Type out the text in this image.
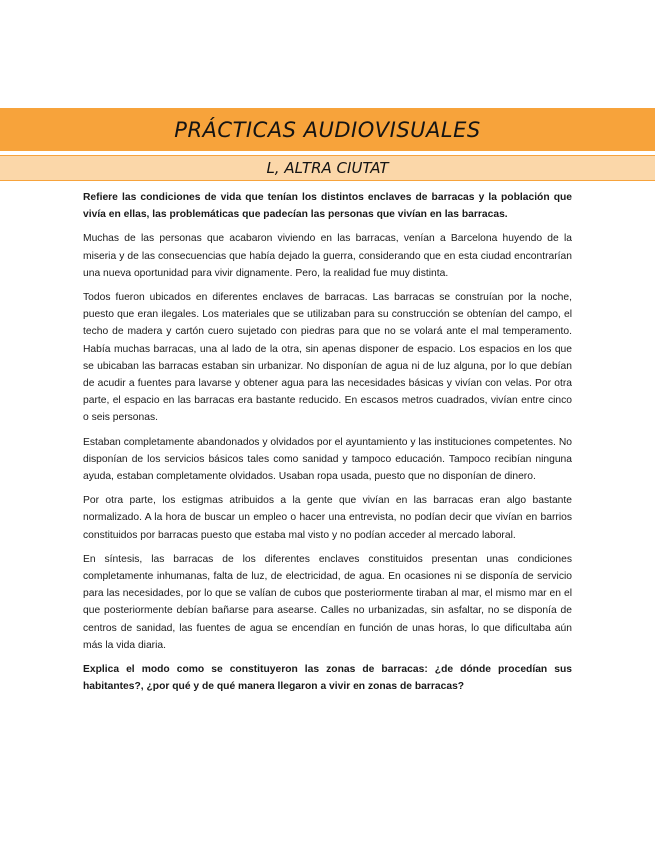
PRÁCTICAS AUDIOVISUALES
L, ALTRA CIUTAT

Refiere las condiciones de vida que tenían los distintos enclaves de barracas y la población que vivía en ellas, las problemáticas que padecían las personas que vivían en las barracas.

Muchas de las personas que acabaron viviendo en las barracas, venían a Barcelona huyendo de la miseria y de las consecuencias que había dejado la guerra, considerando que en esta ciudad encontrarían una nueva oportunidad para vivir dignamente. Pero, la realidad fue muy distinta.

Todos fueron ubicados en diferentes enclaves de barracas. Las barracas se construían por la noche, puesto que eran ilegales. Los materiales que se utilizaban para su construcción se obtenían del campo, el techo de madera y cartón cuero sujetado con piedras para que no se volará ante el mal temperamento. Había muchas barracas, una al lado de la otra, sin apenas disponer de espacio. Los espacios en los que se ubicaban las barracas estaban sin urbanizar. No disponían de agua ni de luz alguna, por lo que debían de acudir a fuentes para lavarse y obtener agua para las necesidades básicas y vivían con velas. Por otra parte, el espacio en las barracas era bastante reducido. En escasos metros cuadrados, vivían entre cinco o seis personas.

Estaban completamente abandonados y olvidados por el ayuntamiento y las instituciones competentes. No disponían de los servicios básicos tales como sanidad y tampoco educación. Tampoco recibían ninguna ayuda, estaban completamente olvidados. Usaban ropa usada, puesto que no disponían de dinero.

Por otra parte, los estigmas atribuidos a la gente que vivían en las barracas eran algo bastante normalizado. A la hora de buscar un empleo o hacer una entrevista, no podían decir que vivían en barrios constituidos por barracas puesto que estaba mal visto y no podían acceder al mercado laboral.

En síntesis, las barracas de los diferentes enclaves constituidos presentan unas condiciones completamente inhumanas, falta de luz, de electricidad, de agua. En ocasiones ni se disponía de servicio para las necesidades, por lo que se valían de cubos que posteriormente tiraban al mar, el mismo mar en el que posteriormente debían bañarse para asearse. Calles no urbanizadas, sin asfaltar, no se disponía de centros de sanidad, las fuentes de agua se encendían en función de unas horas, lo que dificultaba aún más la vida diaria.

Explica el modo como se constituyeron las zonas de barracas: ¿de dónde procedían sus habitantes?, ¿por qué y de qué manera llegaron a vivir en zonas de barracas?
